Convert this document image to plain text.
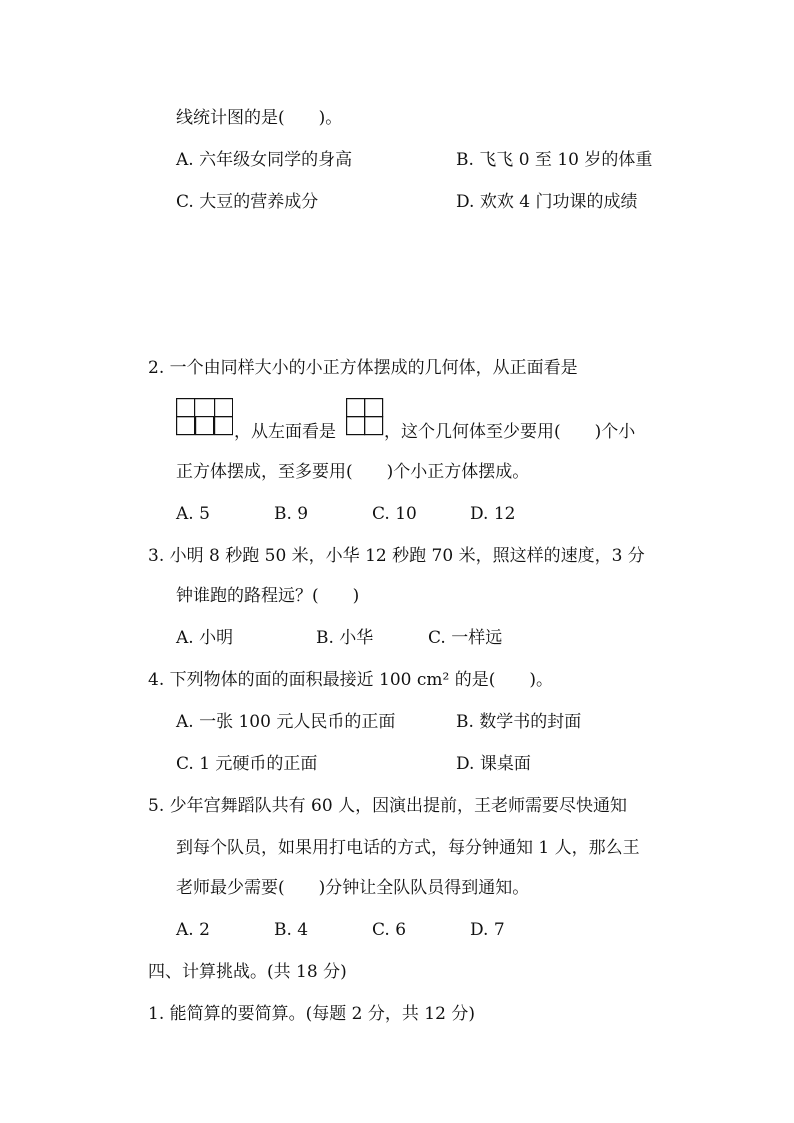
线统计图的是(　　)。
A. 六年级女同学的身高	B. 飞飞 0 至 10 岁的体重
C. 大豆的营养成分	D. 欢欢 4 门功课的成绩
2. 一个由同样大小的小正方体摆成的几何体，从正面看是
，从左面看是	，这个几何体至少要用(　　)个小
正方体摆成，至多要用(　　)个小正方体摆成。
A. 5	B. 9	C. 10	D. 12
3. 小明 8 秒跑 50 米，小华 12 秒跑 70 米，照这样的速度，3 分
钟谁跑的路程远？(　　)
A. 小明	B. 小华	C. 一样远
4. 下列物体的面的面积最接近 100 cm² 的是(　　)。
A. 一张 100 元人民币的正面	B. 数学书的封面
C. 1 元硬币的正面	D. 课桌面
5. 少年宫舞蹈队共有 60 人，因演出提前，王老师需要尽快通知
到每个队员，如果用打电话的方式，每分钟通知 1 人，那么王
老师最少需要(　　)分钟让全队队员得到通知。
A. 2	B. 4	C. 6	D. 7
四、计算挑战。(共 18 分)
1. 能简算的要简算。(每题 2 分，共 12 分)
